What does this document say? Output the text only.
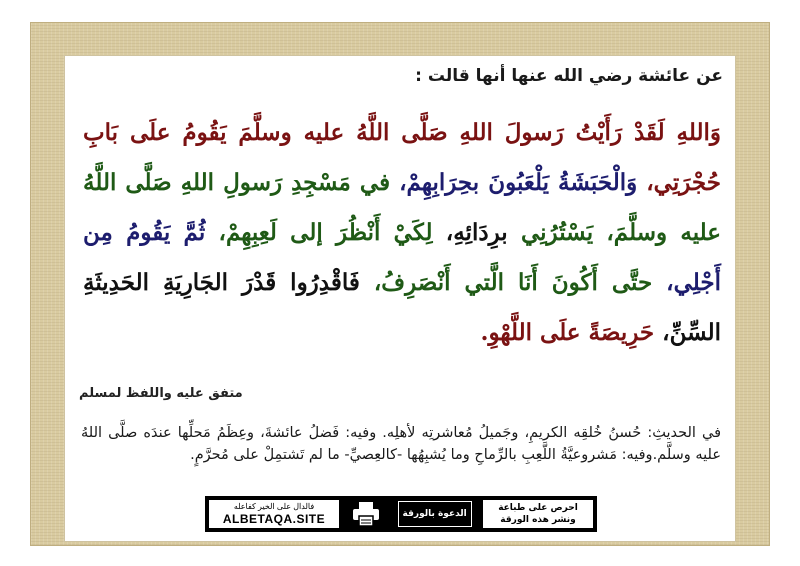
عن عائشة رضي الله عنها أنها قالت :
وَاللهِ لَقَدْ رَأَيْتُ رَسولَ اللهِ صَلَّى اللَّهُ عليه وسلَّمَ يَقُومُ علَى بَابِ حُجْرَتِي، وَالْحَبَشَةُ يَلْعَبُونَ بحِرَابِهِمْ، في مَسْجِدِ رَسولِ اللهِ صَلَّى اللَّهُ عليه وسلَّمَ، يَسْتُرُنِي برِدَائِهِ، لِكَيْ أَنْظُرَ إلى لَعِبِهِمْ، ثُمَّ يَقُومُ مِن أَجْلِي، حتَّى أَكُونَ أَنَا الَّتي أَنْصَرِفُ، فَاقْدِرُوا قَدْرَ الجَارِيَةِ الحَدِيثَةِ السِّنِّ، حَرِيصَةً علَى اللَّهْوِ.
متفق عليه واللفظ لمسلم
في الحديثِ: حُسنُ خُلقِه الكريمِ، وجَميلُ مُعاشرتِه لأهلِه. وفيه: فَضلُ عائشةَ، وعِظَمُ مَحلِّها عندَه صلَّى اللهُ عليه وسلَّم.وفيه: مَشروعيَّةُ اللَّعِبِ بالرِّماحِ وما يُشبِهُها -كالعِصيِّ- ما لم تَشتمِلْ على مُحرَّمٍ.
فالدال على الخير كفاعله
ALBETAQA.SITE	الدعوة بالورقة
احرص على طباعة
ونشر هذه الورقة
